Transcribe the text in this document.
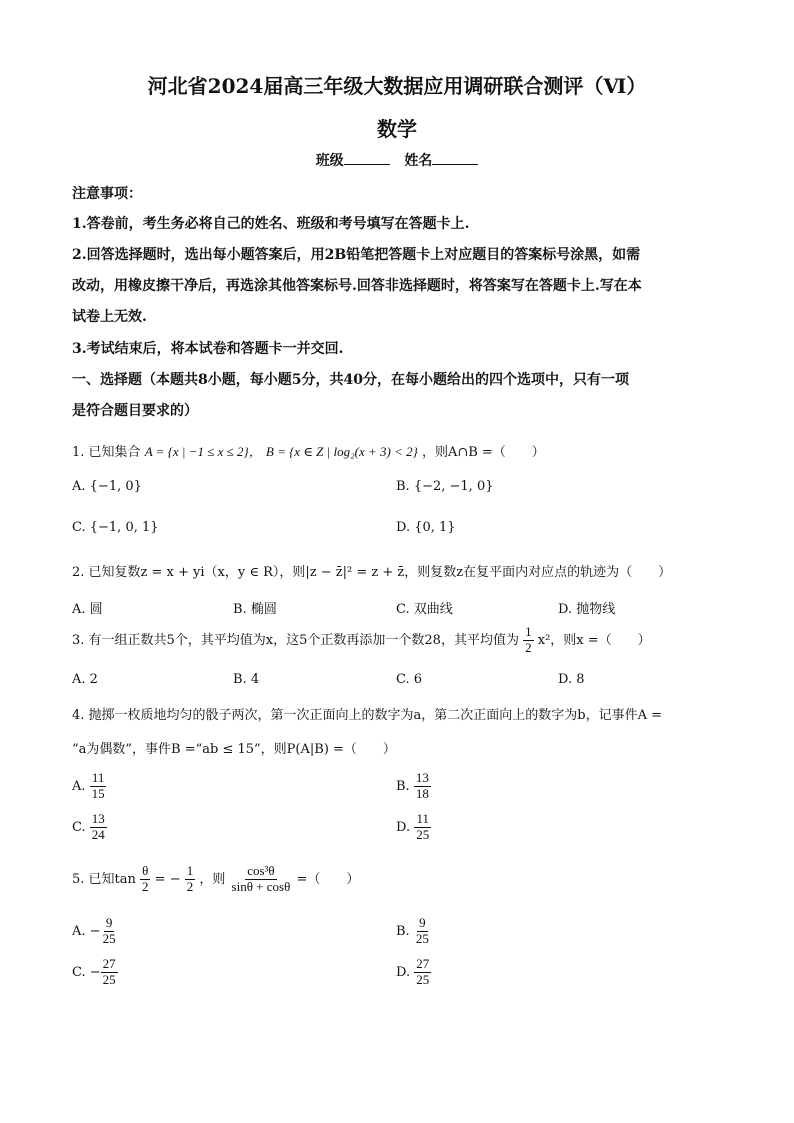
河北省2024届高三年级大数据应用调研联合测评（Ⅵ）
数学
班级	姓名
注意事项：
1.答卷前，考生务必将自己的姓名、班级和考号填写在答题卡上.
2.回答选择题时，选出每小题答案后，用2B铅笔把答题卡上对应题目的答案标号涂黑，如需
改动，用橡皮擦干净后，再选涂其他答案标号.回答非选择题时，将答案写在答题卡上.写在本
试卷上无效.
3.考试结束后，将本试卷和答题卡一并交回.
一、选择题（本题共8小题，每小题5分，共40分，在每小题给出的四个选项中，只有一项
是符合题目要求的）
1. 已知集合 A = {x | −1 ≤ x ≤ 2}， B = {x ∈ Z | log₂(x + 3) < 2} ，则A∩B =（　　）
A. {−1, 0}	B. {−2, −1, 0}
C. {−1, 0, 1}	D. {0, 1}
2. 已知复数z = x + yi（x，y ∈ R），则|z − z̄|² = z + z̄，则复数z在复平面内对应点的轨迹为（　　）
A. 圆	B. 椭圆	C. 双曲线	D. 抛物线
3. 有一组正数共5个，其平均值为x，这5个正数再添加一个数28，其平均值为 $\frac{1}{2} x^2$，则x =（　　）
A. 2	B. 4	C. 6	D. 8
4. 抛掷一枚质地均匀的骰子两次，第一次正面向上的数字为a，第二次正面向上的数字为b，记事件A =
“a为偶数”，事件B =“ab ≤ 15”，则P(A|B) =（　　）
A. $\frac{11}{15}$	B. $\frac{13}{18}$
C. $\frac{13}{24}$	D. $\frac{11}{25}$
5. 已知$\tan \frac{\theta}{2}$ = − $\frac{1}{2}$ ，则 $\frac{\text{cos³θ}}{\sin\theta + \cos\theta}$ =（　　）
A. − $\frac{9}{25}$	B. $\frac{9}{25}$
C. − $\frac{27}{25}$	D. $\frac{27}{25}$
